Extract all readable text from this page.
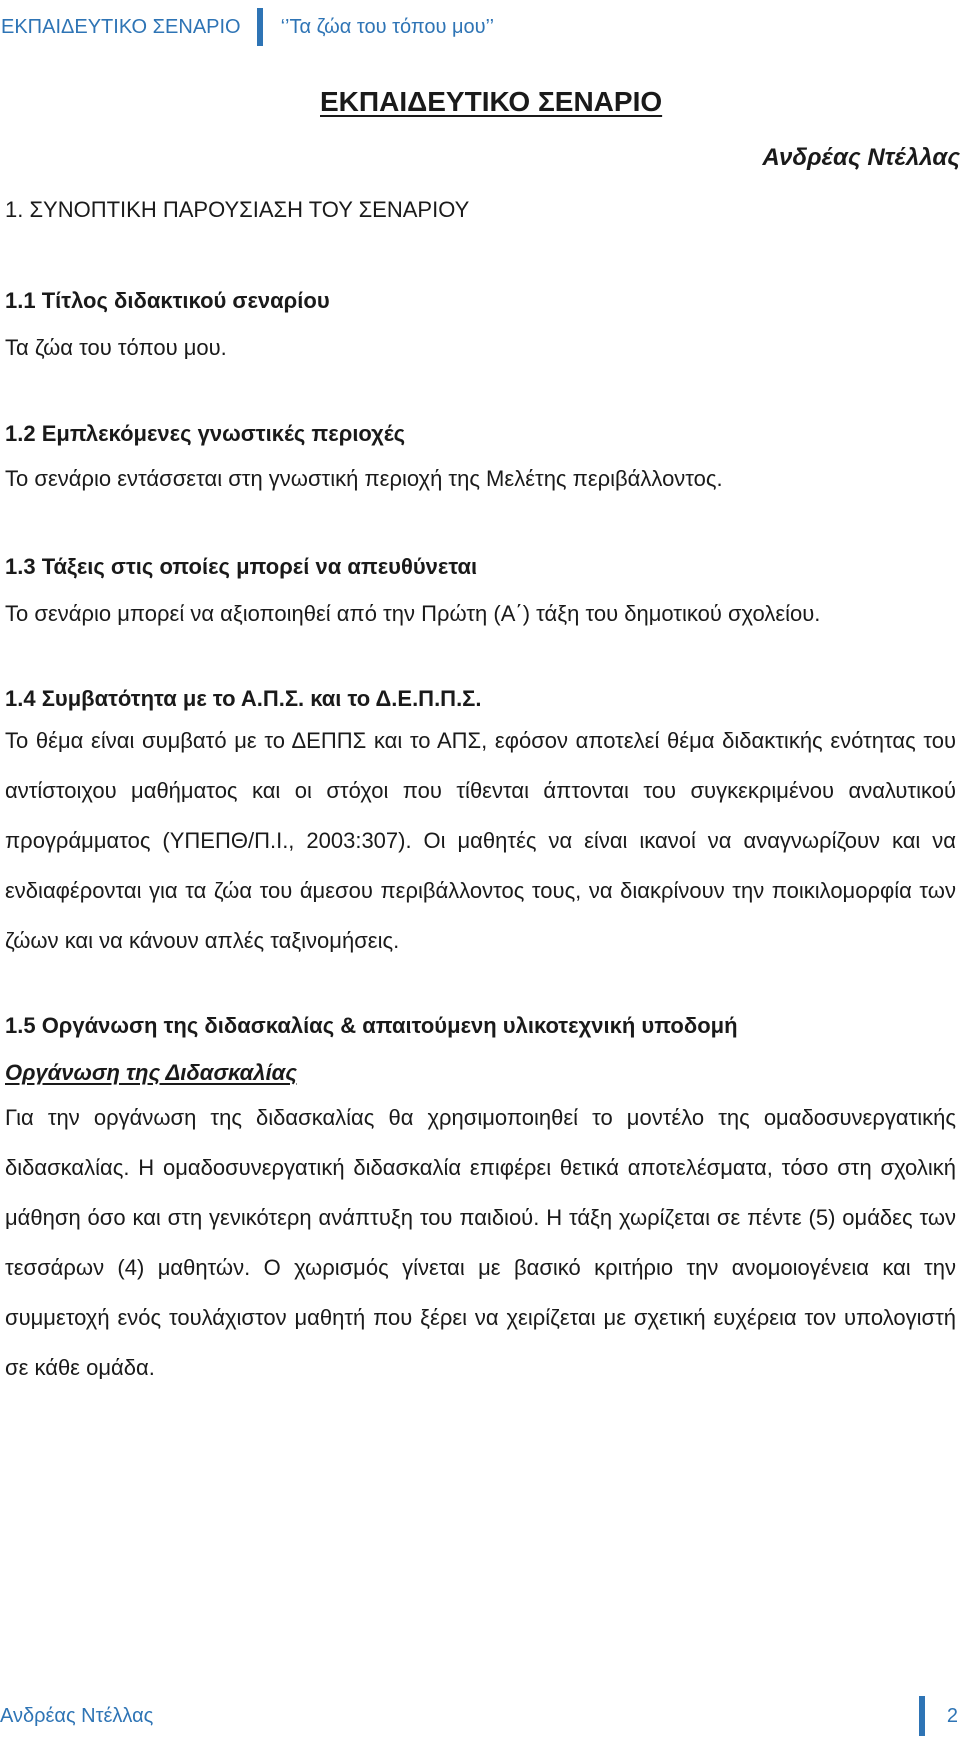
ΕΚΠΑΙΔΕΥΤΙΚΟ ΣΕΝΑΡΙΟ ‘’Τα ζώα του τόπου μου’’
ΕΚΠΑΙΔΕΥΤΙΚΟ ΣΕΝΑΡΙΟ
Ανδρέας Ντέλλας

1. ΣΥΝΟΠΤΙΚΗ ΠΑΡΟΥΣΙΑΣΗ ΤΟΥ ΣΕΝΑΡΙΟΥ

1.1 Τίτλος διδακτικού σεναρίου

Τα ζώα του τόπου μου.

1.2 Εμπλεκόμενες γνωστικές περιοχές

Το σενάριο εντάσσεται στη γνωστική περιοχή της Μελέτης περιβάλλοντος.

1.3 Τάξεις στις οποίες μπορεί να απευθύνεται

Το σενάριο μπορεί να αξιοποιηθεί από την Πρώτη (Α΄) τάξη του δημοτικού σχολείου.

1.4 Συμβατότητα με το Α.Π.Σ. και το Δ.Ε.Π.Π.Σ.

Το θέμα είναι συμβατό με το ΔΕΠΠΣ και το ΑΠΣ, εφόσον αποτελεί θέμα διδακτικής ενότητας του αντίστοιχου μαθήματος και οι στόχοι που τίθενται άπτονται του συγκεκριμένου αναλυτικού προγράμματος (ΥΠΕΠΘ/Π.Ι., 2003:307). Οι μαθητές να είναι ικανοί να αναγνωρίζουν και να ενδιαφέρονται για τα ζώα του άμεσου περιβάλλοντος τους, να διακρίνουν την ποικιλομορφία των ζώων και να κάνουν απλές ταξινομήσεις.

1.5 Οργάνωση της διδασκαλίας & απαιτούμενη υλικοτεχνική υποδομή

Οργάνωση της Διδασκαλίας

Για την οργάνωση της διδασκαλίας θα χρησιμοποιηθεί το μοντέλο της ομαδοσυνεργατικής διδασκαλίας. Η ομαδοσυνεργατική διδασκαλία επιφέρει θετικά αποτελέσματα, τόσο στη σχολική μάθηση όσο και στη γενικότερη ανάπτυξη του παιδιού. Η τάξη χωρίζεται σε πέντε (5) ομάδες των τεσσάρων (4) μαθητών. Ο χωρισμός γίνεται με βασικό κριτήριο την ανομοιογένεια και την συμμετοχή ενός τουλάχιστον μαθητή που ξέρει να χειρίζεται με σχετική ευχέρεια τον υπολογιστή σε κάθε ομάδα.

Ανδρέας Ντέλλας	2
